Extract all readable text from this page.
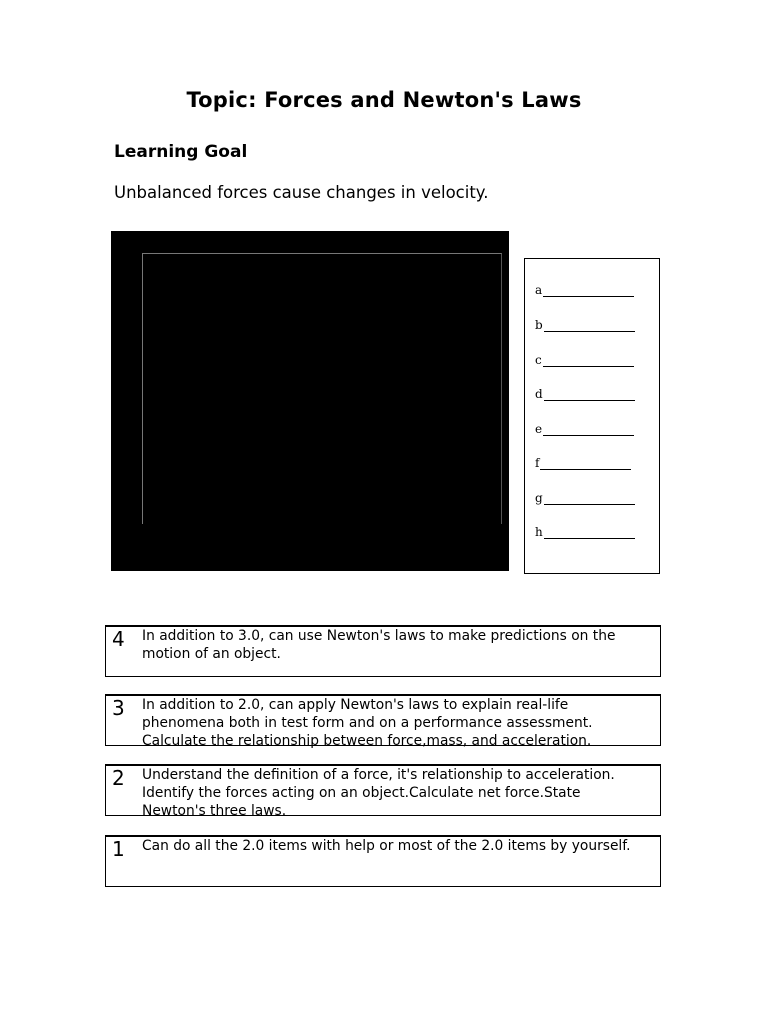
Topic: Forces and Newton's Laws
Learning Goal
Unbalanced forces cause changes in velocity.
a
b
c
d
e
f
g
h
4 In addition to 3.0, can use Newton's laws to make predictions on the motion of an object.
3 In addition to 2.0, can apply Newton's laws to explain real-life phenomena both in test form and on a performance assessment. Calculate the relationship between force,mass, and acceleration.
2 Understand the definition of a force, it's relationship to acceleration. Identify the forces acting on an object.Calculate net force.State Newton's three laws.
1 Can do all the 2.0 items with help or most of the 2.0 items by yourself.
